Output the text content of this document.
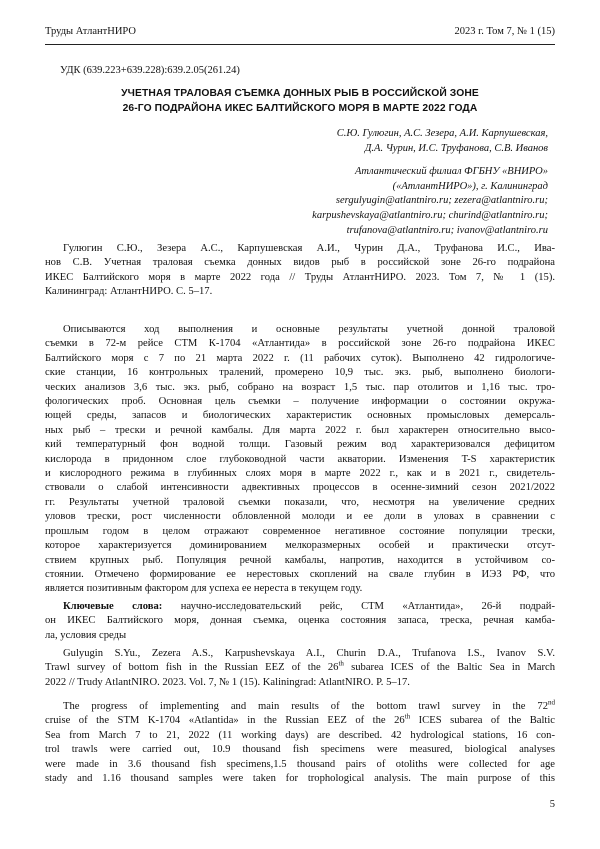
Труды АтлантНИРО	2023 г. Том 7, № 1 (15)
УДК (639.223+639.228):639.2.05(261.24)
УЧЕТНАЯ ТРАЛОВАЯ СЪЕМКА ДОННЫХ РЫБ В РОССИЙСКОЙ ЗОНЕ
26-ГО ПОДРАЙОНА ИКЕС БАЛТИЙСКОГО МОРЯ В МАРТЕ 2022 ГОДА
С.Ю. Гулюгин, А.С. Зезера, А.И. Карпушевская,
Д.А. Чурин, И.С. Труфанова, С.В. Иванов
Атлантический филиал ФГБНУ «ВНИРО»
(«АтлантНИРО»), г. Калининград
sergulyugin@atlantniro.ru; zezera@atlantniro.ru;
karpushevskaya@atlantniro.ru; churind@atlantniro.ru;
trufanova@atlantniro.ru; ivanov@atlantniro.ru
Гулюгин С.Ю., Зезера А.С., Карпушевская А.И., Чурин Д.А., Труфанова И.С., Ива-
нов С.В. Учетная траловая съемка донных видов рыб в российской зоне 26-го подрайона
ИКЕС Балтийского моря в марте 2022 года // Труды АтлантНИРО. 2023. Том 7, № 1 (15).
Калининград: АтлантНИРО. С. 5–17.
Описываются ход выполнения и основные результаты учетной донной траловой
съемки в 72-м рейсе СТМ К-1704 «Атлантида» в российской зоне 26-го подрайона ИКЕС
Балтийского моря с 7 по 21 марта 2022 г. (11 рабочих суток). Выполнено 42 гидрологиче-
ские станции, 16 контрольных тралений, промерено 10,9 тыс. экз. рыб, выполнено биологи-
ческих анализов 3,6 тыс. экз. рыб, собрано на возраст 1,5 тыс. пар отолитов и 1,16 тыс. тро-
фологических проб. Основная цель съемки – получение информации о состоянии окружа-
ющей среды, запасов и биологических характеристик основных промысловых демерсаль-
ных рыб – трески и речной камбалы. Для марта 2022 г. был характерен относительно высо-
кий температурный фон водной толщи. Газовый режим вод характеризовался дефицитом
кислорода в придонном слое глубоководной части акватории. Изменения T-S характеристик
и кислородного режима в глубинных слоях моря в марте 2022 г., как и в 2021 г., свидетель-
ствовали о слабой интенсивности адвективных процессов в осенне-зимний сезон 2021/2022
гг. Результаты учетной траловой съемки показали, что, несмотря на увеличение средних
уловов трески, рост численности обловленной молоди и ее доли в уловах в сравнении с
прошлым годом в целом отражают современное негативное состояние популяции трески,
которое характеризуется доминированием мелкоразмерных особей и практически отсут-
ствием крупных рыб. Популяция речной камбалы, напротив, находится в устойчивом со-
стоянии. Отмечено формирование ее нерестовых скоплений на свале глубин в ИЭЗ РФ, что
является позитивным фактором для успеха ее нереста в текущем году.
Ключевые слова: научно-исследовательский рейс, СТМ «Атлантида», 26-й подрай-
он ИКЕС Балтийского моря, донная съемка, оценка состояния запаса, треска, речная камба-
ла, условия среды
Gulyugin S.Yu., Zezera A.S., Karpushevskaya A.I., Churin D.A., Trufanova I.S., Ivanov S.V.
Trawl survey of bottom fish in the Russian EEZ of the 26th subarea ICES of the Baltic Sea in March
2022 // Trudy AtlantNIRO. 2023. Vol. 7, № 1 (15). Kaliningrad: AtlantNIRO. P. 5–17.
The progress of implementing and main results of the bottom trawl survey in the 72nd
cruise of the STM K-1704 «Atlantida» in the Russian EEZ of the 26th ICES subarea of the Baltic
Sea from March 7 to 21, 2022 (11 working days) are described. 42 hydrological stations, 16 con-
trol trawls were carried out, 10.9 thousand fish specimens were measured, biological analyses
were made in 3.6 thousand fish specimens,1.5 thousand pairs of otoliths were collected for age
stady and 1.16 thousand samples were taken for trophological analysis. The main purpose of this
5
